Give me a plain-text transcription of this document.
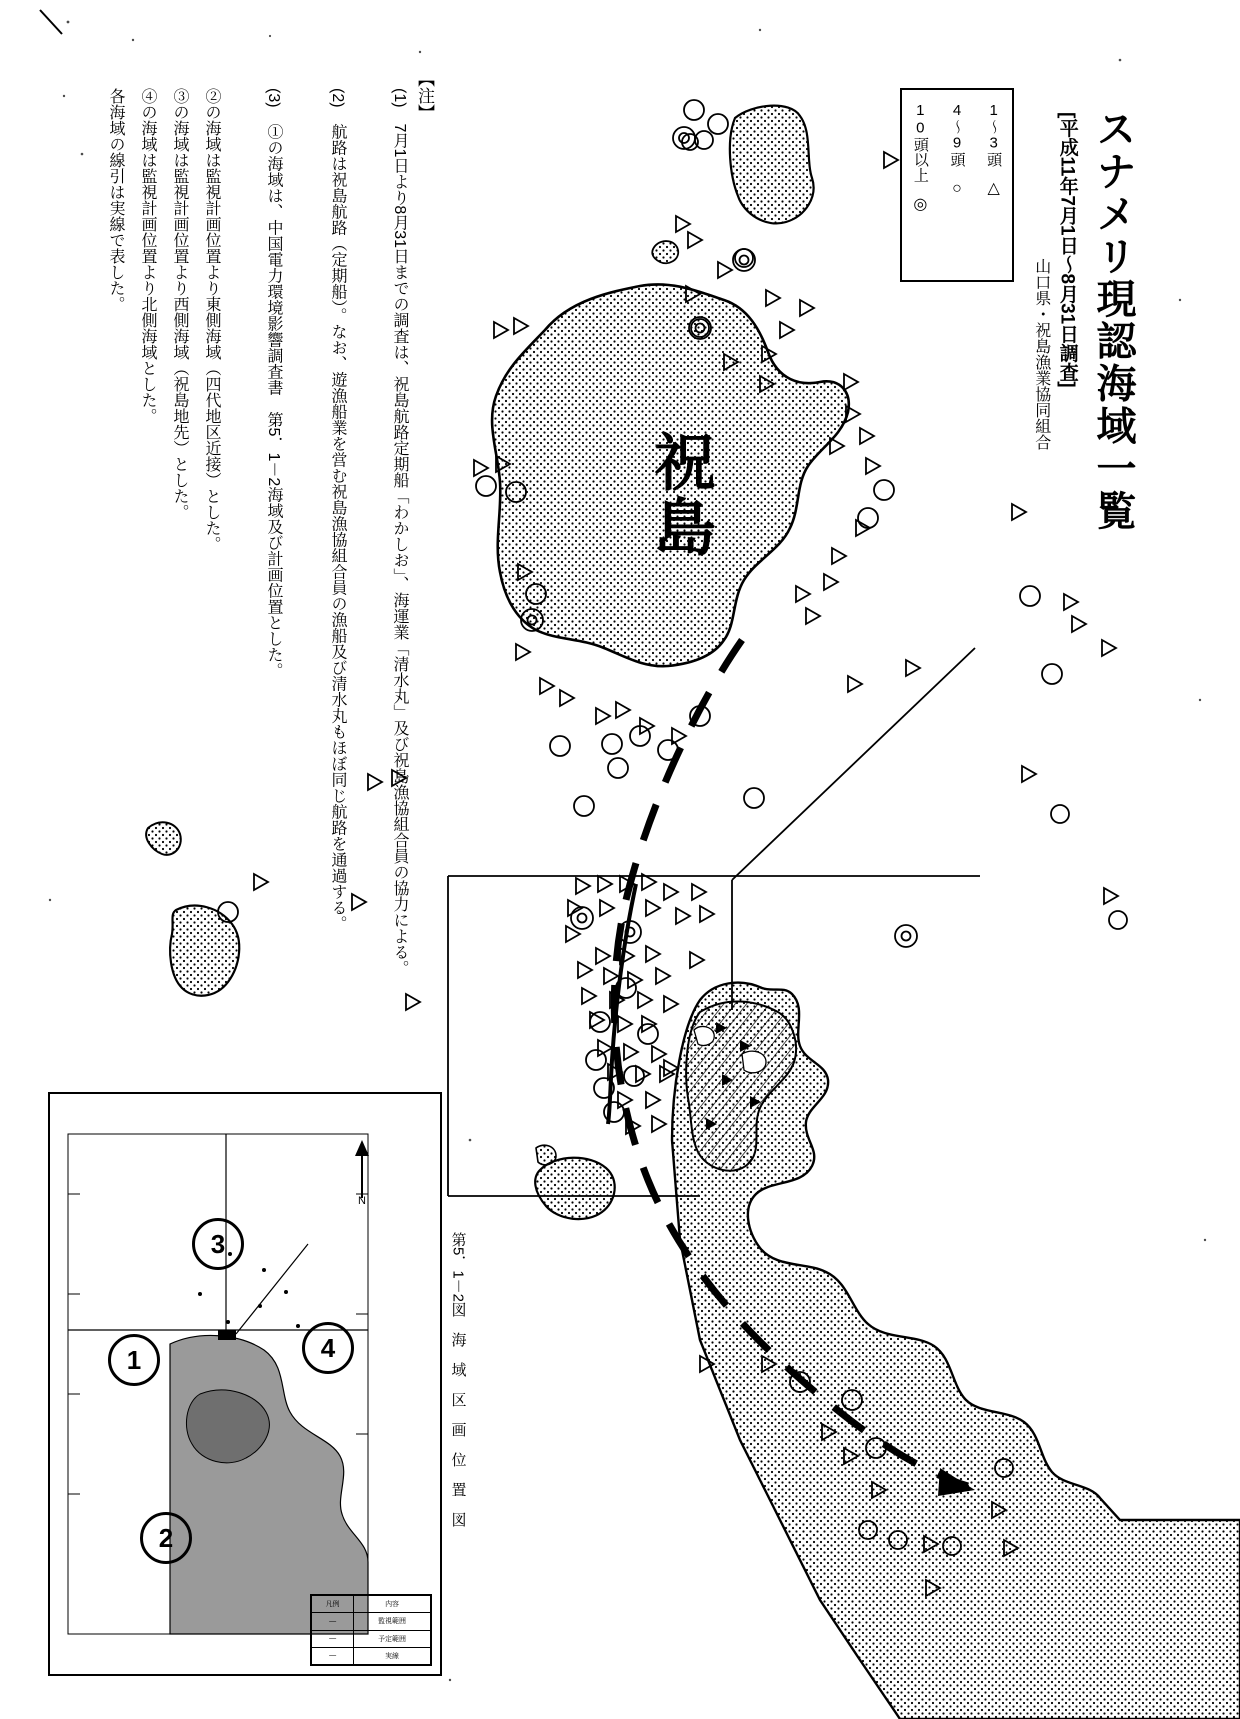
スナメリ現認海域一覧
[平成11年7月1日～8月31日調査]
山口県・祝島漁業協同組合
祝島
1～3頭
△
4～9頭
○
10頭以上
◎
【注】
(1)　7月1日より8月31日までの調査は、祝島航路定期船「わかしお」、海運業「清水丸」及び祝島漁協組合員の協力による。
(2)　航路は祝島航路（定期船）。なお、遊漁船業を営む祝島漁協組合員の漁船及び清水丸もほぼ同じ航路を通過する。
(3)　①の海域は、中国電力環境影響調査書　第5．1－2海域及び計画位置とした。
②の海域は監視計画位置より東側海域（四代地区近接）とした。
③の海域は監視計画位置より西側海域（祝島地先）とした。
④の海域は監視計画位置より北側海域とした。
各海域の線引は実線で表した。
N
3
1	4
2
凡例	内容
―	監視範囲
―	予定範囲
―	実線
第5．1－2図　海　域　区　画　位　置　図
